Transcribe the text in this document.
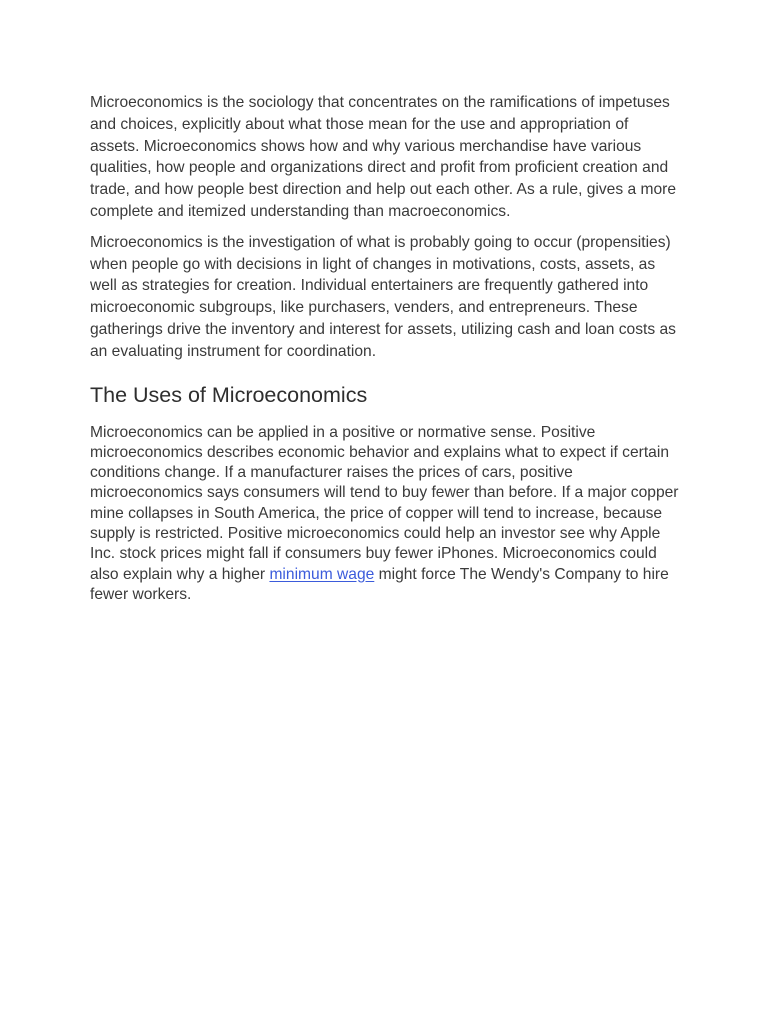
Microeconomics is the sociology that concentrates on the ramifications of impetuses and choices, explicitly about what those mean for the use and appropriation of assets. Microeconomics shows how and why various merchandise have various qualities, how people and organizations direct and profit from proficient creation and trade, and how people best direction and help out each other. As a rule, gives a more complete and itemized understanding than macroeconomics.

Microeconomics is the investigation of what is probably going to occur (propensities) when people go with decisions in light of changes in motivations, costs, assets, as well as strategies for creation. Individual entertainers are frequently gathered into microeconomic subgroups, like purchasers, venders, and entrepreneurs. These gatherings drive the inventory and interest for assets, utilizing cash and loan costs as an evaluating instrument for coordination.

The Uses of Microeconomics

Microeconomics can be applied in a positive or normative sense. Positive microeconomics describes economic behavior and explains what to expect if certain conditions change. If a manufacturer raises the prices of cars, positive microeconomics says consumers will tend to buy fewer than before. If a major copper mine collapses in South America, the price of copper will tend to increase, because supply is restricted. Positive microeconomics could help an investor see why Apple Inc. stock prices might fall if consumers buy fewer iPhones. Microeconomics could also explain why a higher minimum wage might force The Wendy's Company to hire fewer workers.
